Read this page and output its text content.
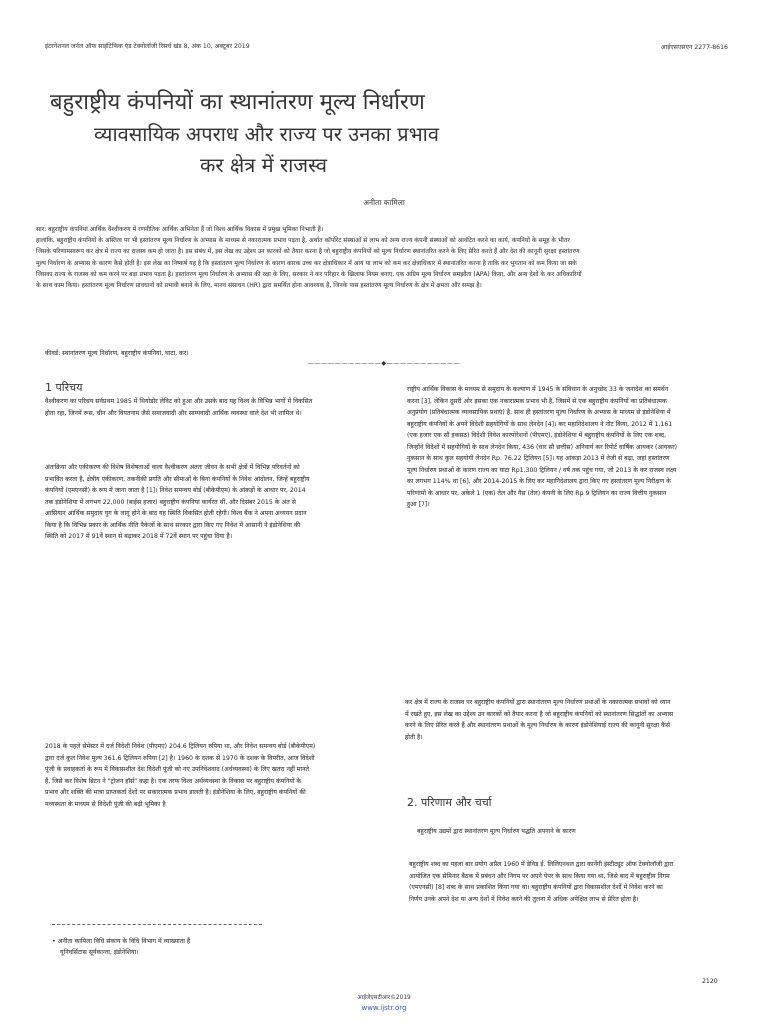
इंटरनेशनल जर्नल ऑफ साइंटिफिक एंड टेक्नोलॉजी रिसर्च खंड 8, अंक 10, अक्टूबर 2019	आईएसएसएन 2277-8616
बहुराष्ट्रीय कंपनियों का स्थानांतरण मूल्य निर्धारण
व्यावसायिक अपराध और राज्य पर उनका प्रभाव
कर क्षेत्र में राजस्व
अनीता कामिला

सार: बहुराष्ट्रीय कंपनियां आर्थिक वैश्वीकरण में रणनीतिक आर्थिक अभिनेता हैं जो विश्व आर्थिक विकास में प्रमुख भूमिका निभाती हैं।

हालांकि, बहुराष्ट्रीय कंपनियों के अस्तित्व पर भी हस्तांतरण मूल्य निर्धारण के अभ्यास के माध्यम से नकारात्मक प्रभाव पड़ता है, अर्थात कॉर्पोरेट संस्थाओं से लाभ को अन्य राज्य कंपनी संस्थाओं को आवंटित करने का कार्य, कंपनियों के समूह के भीतर

जिसके परिणामस्वरूप कर क्षेत्र में राज्य का राजस्व कम हो जाता है। इस संबंध में, इस लेख का उद्देश्य उन कारकों को तैयार करना है जो बहुराष्ट्रीय कंपनियों को मूल्य निर्धारण स्थानांतरित करने के लिए प्रेरित करते हैं और देश की कानूनी सुरक्षा हस्तांतरण

मूल्य निर्धारण के अभ्यास के कारण कैसे होती है। इस लेख का निष्कर्ष यह है कि हस्तांतरण मूल्य निर्धारण के कारण कारक उच्च कर क्षेत्राधिकार में आय या लाभ को कम कर क्षेत्राधिकार में स्थानांतरित करना है ताकि कर भुगतान को कम किया जा सके

जिसका राज्य के राजस्व को कम करने पर बड़ा प्रभाव पड़ता है। हस्तांतरण मूल्य निर्धारण के अभ्यास की रक्षा के लिए, सरकार ने कर परिहार के खिलाफ नियम बनाए, एक अग्रिम मूल्य निर्धारण समझौता (APA) किया, और अन्य देशों के कर अधिकारियों

के साथ काम किया। हस्तांतरण मूल्य निर्धारण प्रावधानों को प्रभावी बनाने के लिए, मानव संसाधन (HR) द्वारा समर्थित होना आवश्यक है, जिनके पास हस्तांतरण मूल्य निर्धारण के क्षेत्र में क्षमता और समझ है।

कीवर्ड: स्थानांतरण मूल्य निर्धारण, बहुराष्ट्रीय कंपनियां, घाटा, कर।
———————————◆———————————
1 परिचय
वैश्वीकरण का परिचय सर्वप्रथम 1985 में थियोडोर लेविट को हुआ और उसके बाद यह विश्व के विभिन्न भागों में विकसित
होता रहा, जिनमें रूस, चीन और वियतनाम जैसे समाजवादी और साम्यवादी आर्थिक व्यवस्था वाले देश भी शामिल थे।
अंतःक्रिया और एकीकरण की विशेष विशेषताओं वाला वैश्वीकरण अंततः जीवन के सभी क्षेत्रों में विभिन्न परिवर्तनों को
प्रभावित करता है, क्षेत्रीय एकीकरण, तकनीकी प्रगति और सीमाओं के बिना कंपनियों के निवेश आंदोलन, जिन्हें बहुराष्ट्रीय
कंपनियों (एमएनसी) के रूप में जाना जाता है [1]। निवेश समन्वय बोर्ड (बीकेपीएम) के आंकड़ों के आधार पर, 2014
तक इंडोनेशिया में लगभग 22,000 (बाईस हजार) बहुराष्ट्रीय कंपनियां कार्यरत थीं, और दिसंबर 2015 के अंत से
आसियान आर्थिक समुदाय युग के लागू होने के बाद यह स्थिति विकसित होती रहेगी। विश्व बैंक ने अपना अध्ययन प्रदान
किया है कि विभिन्न प्रकार के आर्थिक नीति पैकेजों के साथ सरकार द्वारा किए गए निवेश में आसानी ने इंडोनेशिया की
स्थिति को 2017 में 91वें स्थान से बढ़ाकर 2018 में 72वें स्थान पर पहुंचा दिया है।
2018 के पहले सेमेस्टर में दर्ज विदेशी निवेश (पीएमए) 204.6 ट्रिलियन रुपिया था, और निवेश समन्वय बोर्ड (बीकेपीएम)
द्वारा दर्ज कुल निवेश मूल्य 361.6 ट्रिलियन रुपिया [2] है। 1960 के दशक से 1970 के दशक के विपरीत, आज विदेशी
पूंजी के प्रवाहकर्ता के रूप में विकासशील देश विदेशी पूंजी को नए उपनिवेशवाद (अर्धव्यवस्था) के लिए खतरा नहीं मानते
हैं, जिसे कर विशेष ब्रिटन ने "ट्रोजन हॉर्स" कहा है। एक तरफ विश्व अर्थव्यवस्था के विकास पर बहुराष्ट्रीय कंपनियों के
प्रभाव और शक्ति की मात्रा प्राप्तकर्ता देशों पर सकारात्मक प्रभाव डालती है। इंडोनेशिया के लिए, बहुराष्ट्रीय कंपनियों की
मध्यस्थता के माध्यम से विदेशी पूंजी की बढ़ी भूमिका है
राष्ट्रीय आर्थिक विकास के माध्यम से समुदाय के कल्याण में 1945 के संविधान के अनुच्छेद 33 के जनादेश का समर्थन
करना [3], लेकिन दूसरी ओर इसका एक नकारात्मक प्रभाव भी है, जिसमें से एक बहुराष्ट्रीय कंपनियों का प्रतिबंधात्मक
अनुप्रयोग (प्रतिबंधात्मक व्यावसायिक प्रथाएं) है, साथ ही हस्तांतरण मूल्य निर्धारण के अभ्यास के माध्यम से इंडोनेशिया में
बहुराष्ट्रीय कंपनियों के अपने विदेशी सहयोगियों के साथ लेनदेन [4]। कर महानिदेशालय ने नोट किया, 2012 में 1,161
(एक हजार एक सौ इकसठ) विदेशी निवेश कारपोरेशनों (पीएमए), इंडोनेशिया में बहुराष्ट्रीय कंपनियों के लिए एक शब्द,
जिन्होंने विदेशों में सहयोगियों के साथ लेनदेन किया, 436 (चार सौ छत्तीस) अनिवार्य कर रिपोर्ट वार्षिक आयकर (आयकर)
नुकसान के साथ कुल सहयोगी लेनदेन Rp. 76.22 ट्रिलियन [5]। यह आंकड़ा 2013 में तेजी से बढ़ा, जहां हस्तांतरण
मूल्य निर्धारण प्रथाओं के कारण राज्य का घाटा Rp1,300 ट्रिलियन / वर्ष तक पहुंच गया, जो 2013 के कर राजस्व लक्ष्य
का लगभग 114% था [6], और 2014-2015 के लिए कर महानिदेशालय द्वारा किए गए हस्तांतरण मूल्य निरीक्षण के
परिणामों के आधार पर, अकेले 1 (एक) तेल और गैस (तेल) कंपनी के लिए Rp 9 ट्रिलियन का राज्य वित्तीय नुकसान
हुआ [7]।
कर क्षेत्र में राज्य के राजस्व पर बहुराष्ट्रीय कंपनियों द्वारा स्थानांतरण मूल्य निर्धारण प्रथाओं के नकारात्मक प्रभावों को ध्यान
में रखते हुए, इस लेख का उद्देश्य उन कारकों को तैयार करना है जो बहुराष्ट्रीय कंपनियों को स्थानांतरण सिद्धांतों का अभ्यास
करने के लिए प्रेरित करते हैं और स्थानांतरण प्रथाओं के मूल्य निर्धारण के कारण इंडोनेशियाई राज्य की कानूनी सुरक्षा कैसे
होती है।
2. परिणाम और चर्चा
बहुराष्ट्रीय उद्यमों द्वारा स्थानांतरण मूल्य निर्धारण पद्धति अपनाने के कारण
बहुराष्ट्रीय शब्द का पहला बार प्रयोग अप्रैल 1960 में डेविड ई. लिलिएनथल द्वारा कार्नेगी इंस्टीट्यूट ऑफ टेक्नोलॉजी द्वारा
आयोजित एक सेमिनार बैठक में प्रबंधन और निगम पर अपने पेपर के साथ किया गया था, जिसे बाद में बहुराष्ट्रीय निगम
(एमएनसी) [8] शब्द के साथ प्रकाशित किया गया था। बहुराष्ट्रीय कंपनियों द्वारा विकासशील देशों में निवेश करने का
निर्णय उनके अपने देश या अन्य देशों में निवेश करने की तुलना में अधिक अपेक्षित लाभ से प्रेरित होता है।
• अनीता कामिला विधि संकाय के विधि विभाग में व्याख्याता हैं
यूनिवर्सिटास सूर्यकान्ता, इंडोनेशिया।
2120
आईजेएसटीआर©2019
www.ijstr.org
